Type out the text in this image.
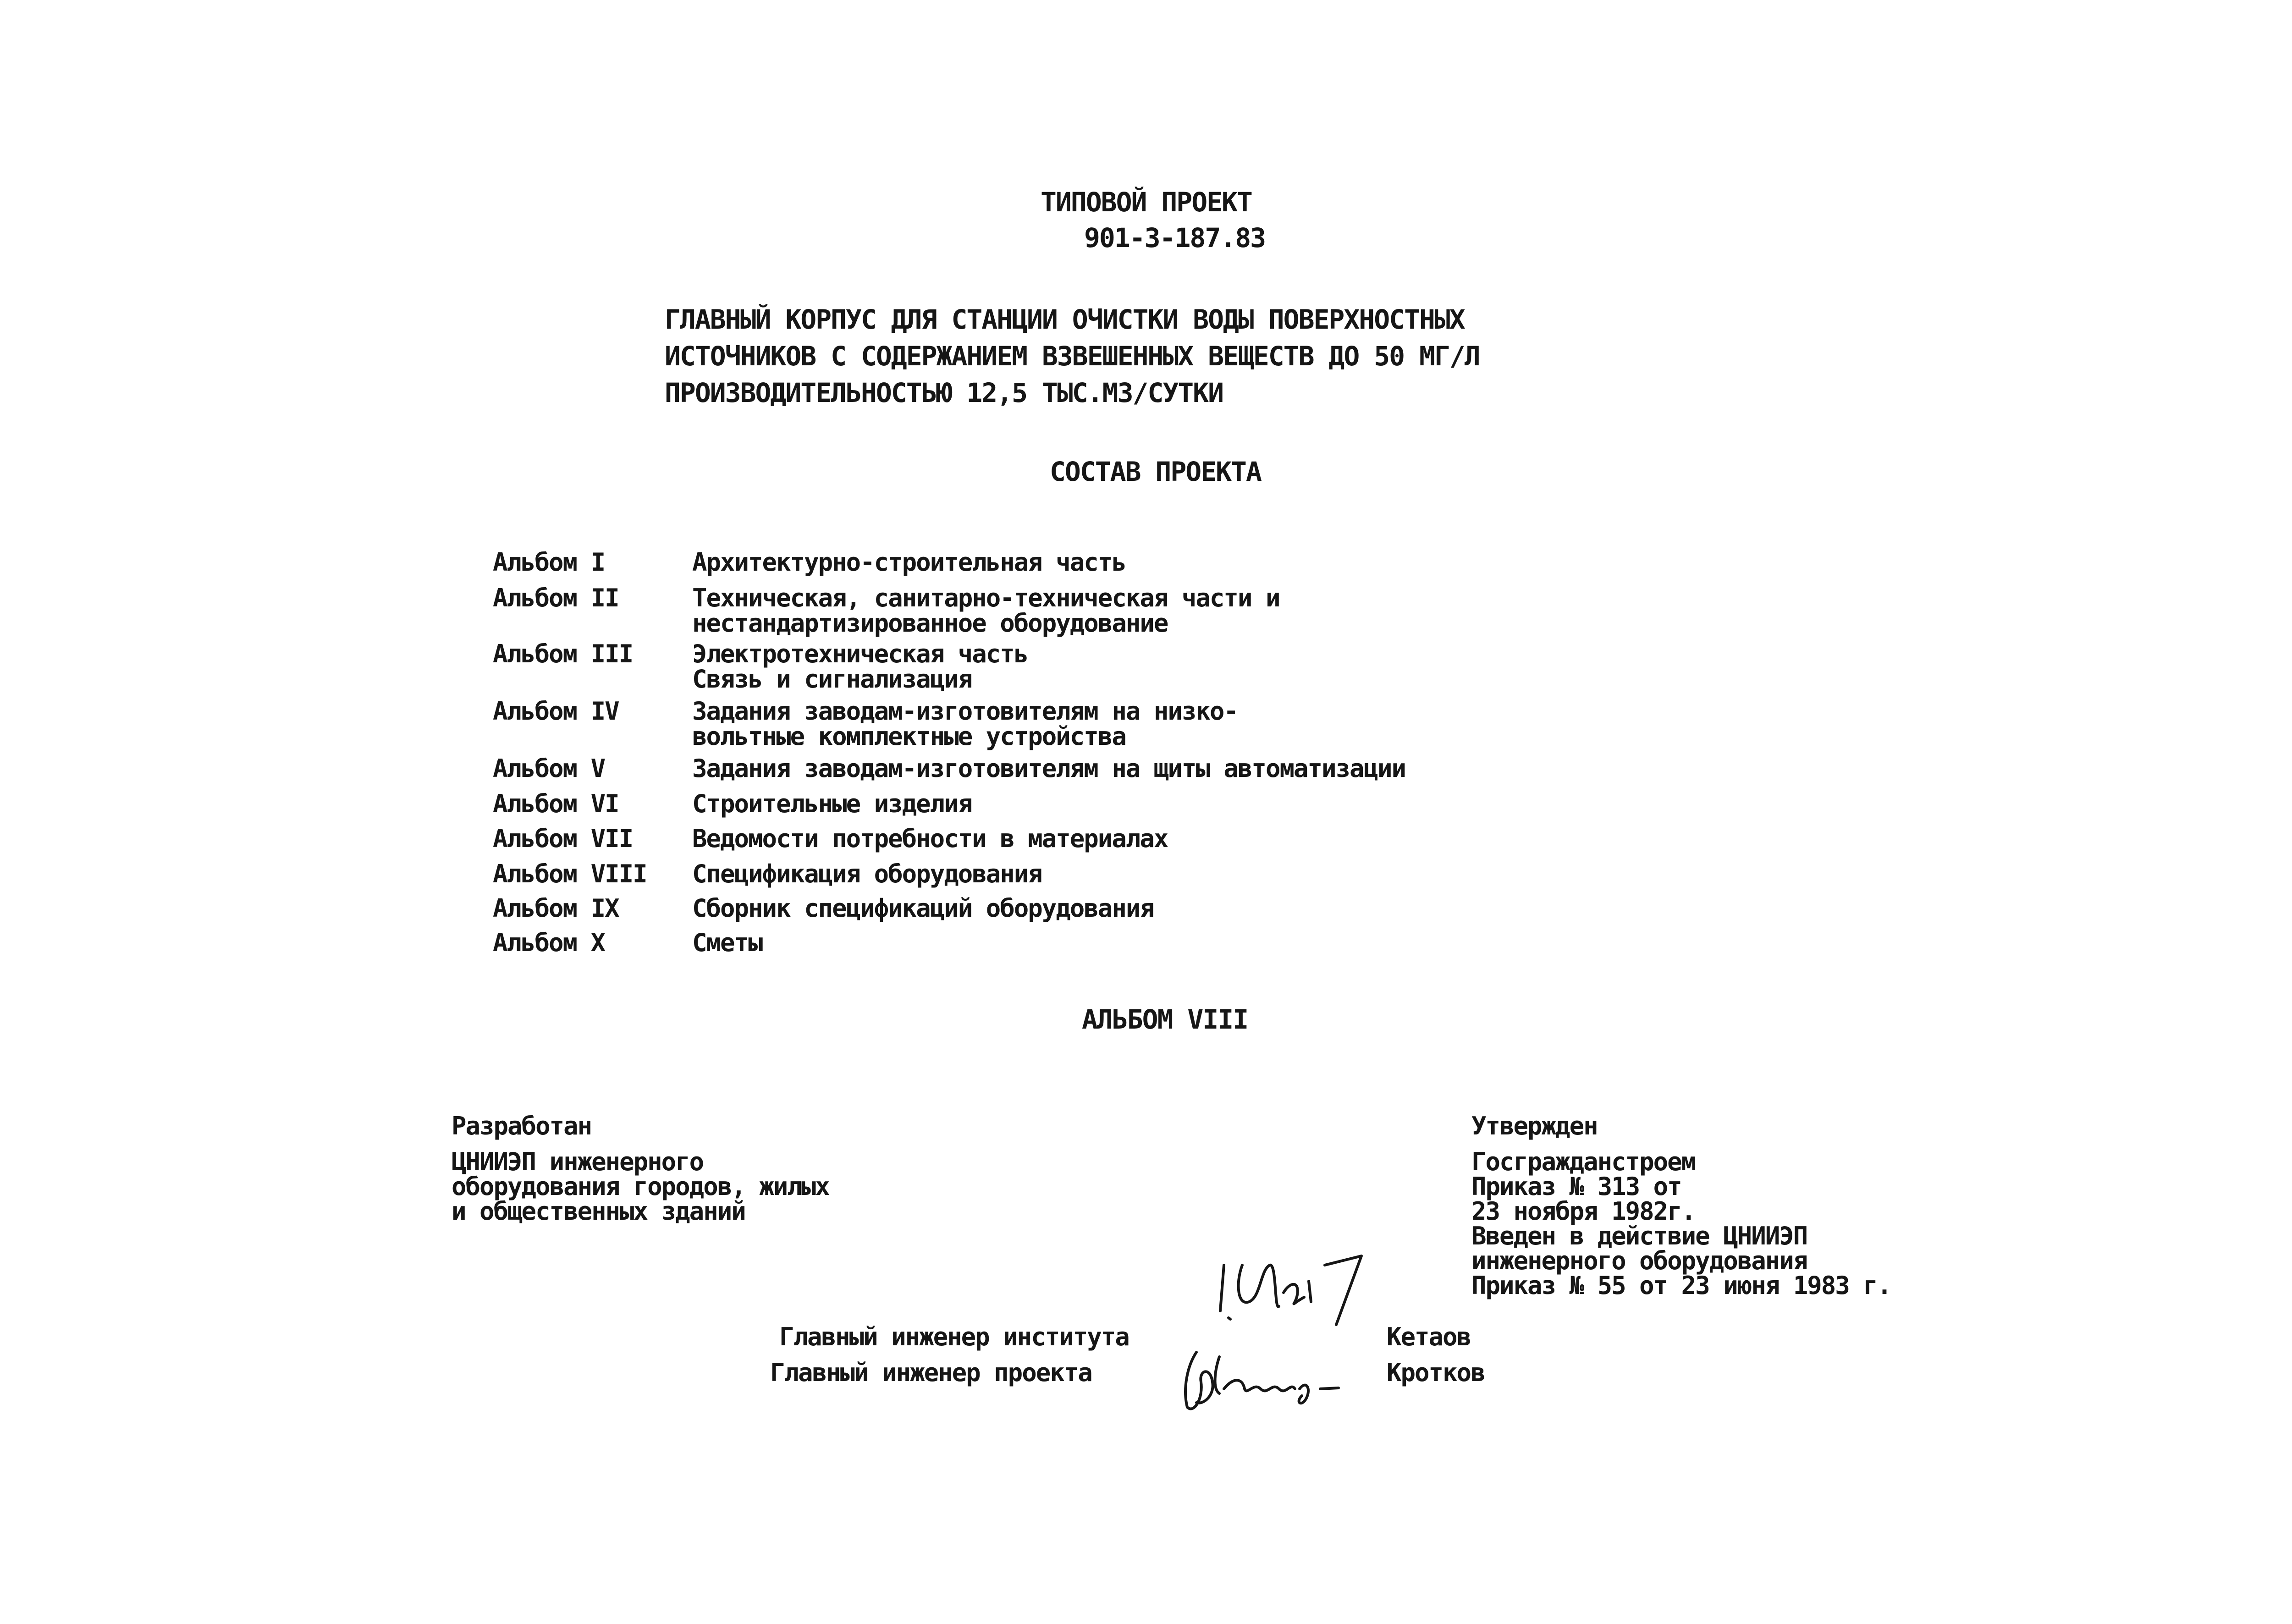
ТИПОВОЙ ПРОЕКТ
901-3-187.83
ГЛАВНЫЙ КОРПУС ДЛЯ СТАНЦИИ ОЧИСТКИ ВОДЫ ПОВЕРХНОСТНЫХ
ИСТОЧНИКОВ С СОДЕРЖАНИЕМ ВЗВЕШЕННЫХ ВЕЩЕСТВ ДО 50 МГ/Л
ПРОИЗВОДИТЕЛЬНОСТЬЮ 12,5 ТЫС.М3/СУТКИ
СОСТАВ ПРОЕКТА
Альбом I	Архитектурно-строительная часть
Альбом II	Техническая, санитарно-техническая части и
нестандартизированное оборудование
Альбом III Электротехническая часть
Связь и сигнализация
Альбом IV	Задания заводам-изготовителям на низко-
вольтные комплектные устройства
Альбом V	Задания заводам-изготовителям на щиты автоматизации
Альбом VI	Строительные изделия
Альбом VII Ведомости потребности в материалах
Альбом VIII Спецификация оборудования
Альбом IX	Сборник спецификаций оборудования
Альбом X	Сметы
АЛЬБОМ VIII
Разработан
ЦНИИЭП инженерного
оборудования городов, жилых
и общественных зданий
Утвержден
Госгражданстроем
Приказ № 313 от
23 ноября 1982г.
Введен в действие ЦНИИЭП
инженерного оборудования
Приказ № 55 от 23 июня 1983 г.
Главный инженер института	Кетаов
Главный инженер проекта	Кротков
